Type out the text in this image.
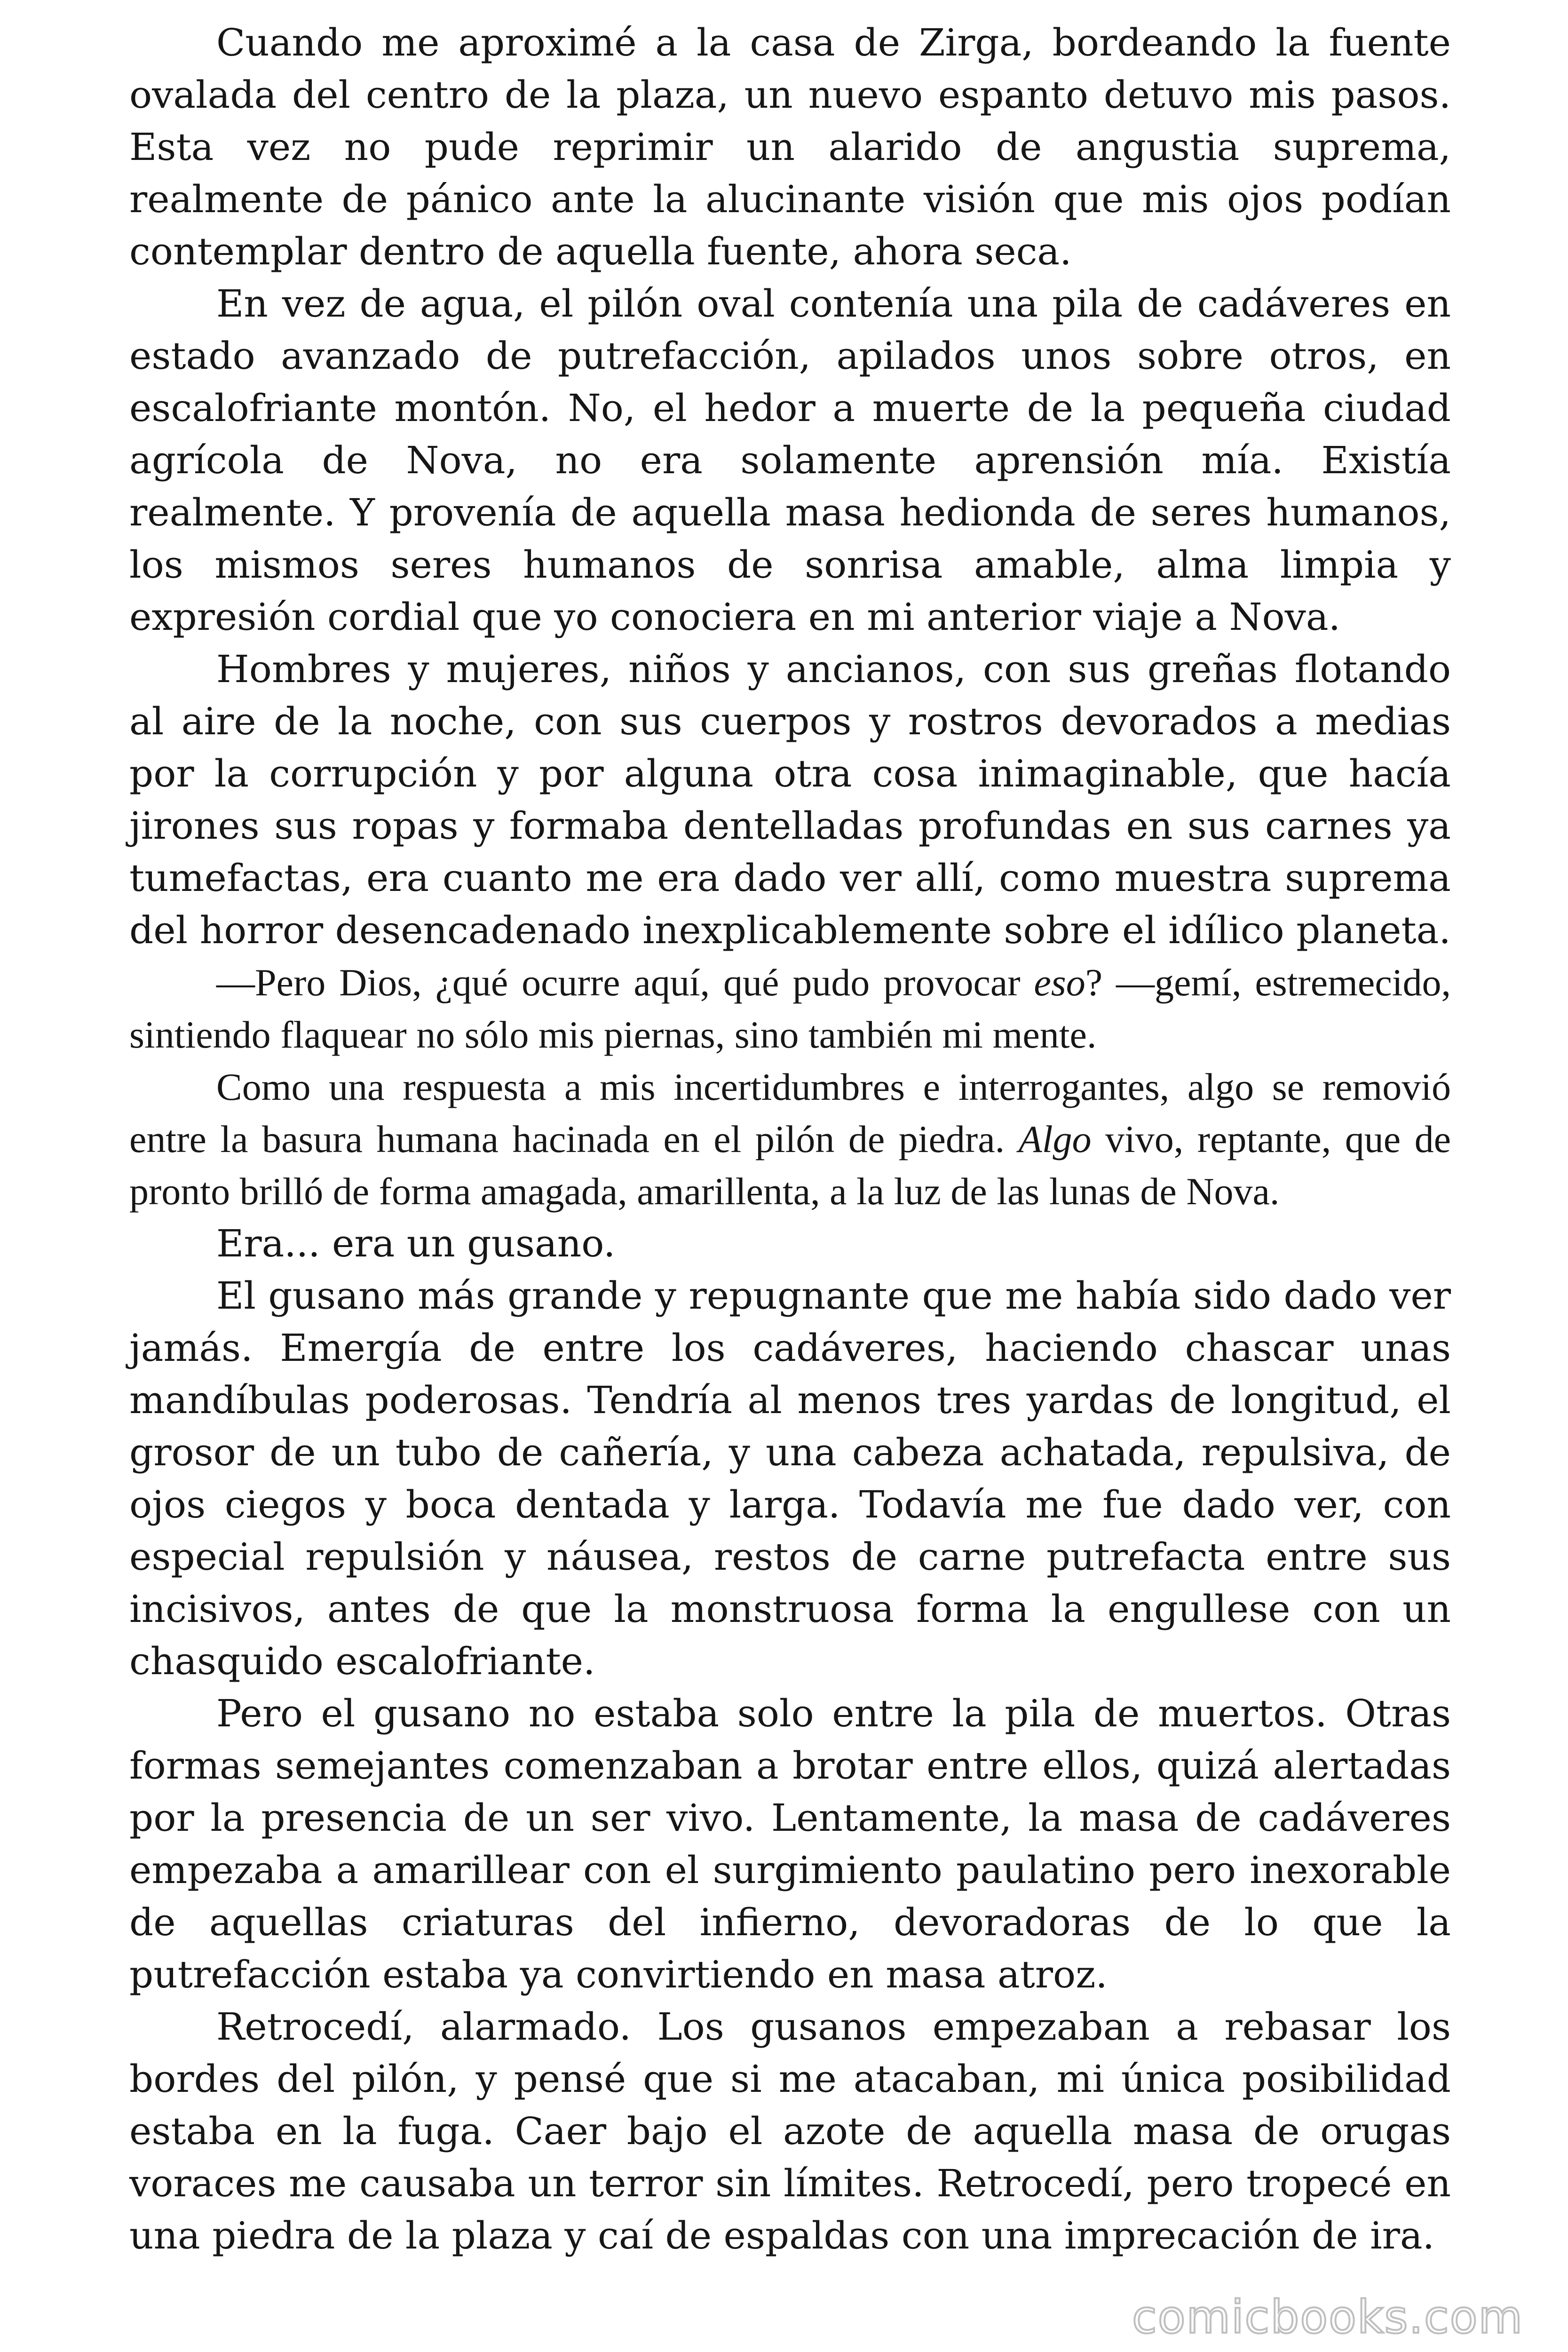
Cuando me aproximé a la casa de Zirga, bordeando la fuente ovalada del centro de la plaza, un nuevo espanto detuvo mis pasos. Esta vez no pude reprimir un alarido de angustia suprema, realmente de pánico ante la alucinante visión que mis ojos podían contemplar dentro de aquella fuente, ahora seca.

En vez de agua, el pilón oval contenía una pila de cadáveres en estado avanzado de putrefacción, apilados unos sobre otros, en escalofriante montón. No, el hedor a muerte de la pequeña ciudad agrícola de Nova, no era solamente aprensión mía. Existía realmente. Y provenía de aquella masa hedionda de seres humanos, los mismos seres humanos de sonrisa amable, alma limpia y expresión cordial que yo conociera en mi anterior viaje a Nova.

Hombres y mujeres, niños y ancianos, con sus greñas flotando al aire de la noche, con sus cuerpos y rostros devorados a medias por la corrupción y por alguna otra cosa inimaginable, que hacía jirones sus ropas y formaba dentelladas profundas en sus carnes ya tumefactas, era cuanto me era dado ver allí, como muestra suprema del horror desencadenado inexplicablemente sobre el idílico planeta.

—Pero Dios, ¿qué ocurre aquí, qué pudo provocar eso? —gemí, estremecido, sintiendo flaquear no sólo mis piernas, sino también mi mente.

Como una respuesta a mis incertidumbres e interrogantes, algo se removió entre la basura humana hacinada en el pilón de piedra. Algo vivo, reptante, que de pronto brilló de forma amagada, amarillenta, a la luz de las lunas de Nova.

Era... era un gusano.

El gusano más grande y repugnante que me había sido dado ver jamás. Emergía de entre los cadáveres, haciendo chascar unas mandíbulas poderosas. Tendría al menos tres yardas de longitud, el grosor de un tubo de cañería, y una cabeza achatada, repulsiva, de ojos ciegos y boca dentada y larga. Todavía me fue dado ver, con especial repulsión y náusea, restos de carne putrefacta entre sus incisivos, antes de que la monstruosa forma la engullese con un chasquido escalofriante.

Pero el gusano no estaba solo entre la pila de muertos. Otras formas semejantes comenzaban a brotar entre ellos, quizá alertadas por la presencia de un ser vivo. Lentamente, la masa de cadáveres empezaba a amarillear con el surgimiento paulatino pero inexorable de aquellas criaturas del infierno, devoradoras de lo que la putrefacción estaba ya convirtiendo en masa atroz.

Retrocedí, alarmado. Los gusanos empezaban a rebasar los bordes del pilón, y pensé que si me atacaban, mi única posibilidad estaba en la fuga. Caer bajo el azote de aquella masa de orugas voraces me causaba un terror sin límites. Retrocedí, pero tropecé en una piedra de la plaza y caí de espaldas con una imprecación de ira.

comicbooks.com
